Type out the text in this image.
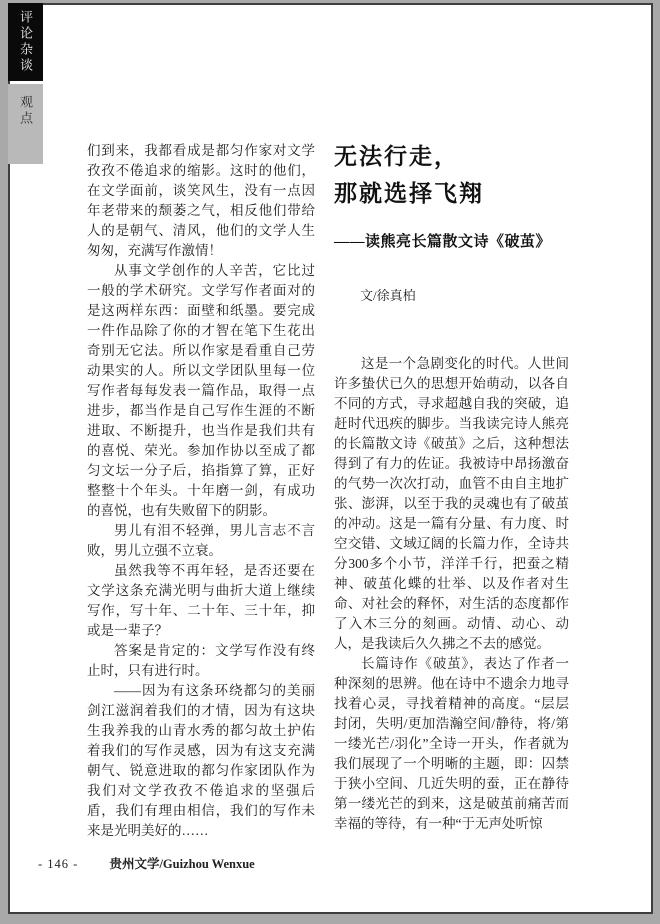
评论杂谈
观点

们到来，我都看成是都匀作家对文学孜孜不倦追求的缩影。这时的他们，在文学面前，谈笑风生，没有一点因年老带来的颓萎之气，相反他们带给人的是朝气、清风，他们的文学人生匆匆，充满写作激情！

从事文学创作的人辛苦，它比过一般的学术研究。文学写作者面对的是这两样东西：面壁和纸墨。要完成一件作品除了你的才智在笔下生花出奇别无它法。所以作家是看重自己劳动果实的人。所以文学团队里每一位写作者每每发表一篇作品，取得一点进步，都当作是自己写作生涯的不断进取、不断提升，也当作是我们共有的喜悦、荣光。参加作协以至成了都匀文坛一分子后，掐指算了算，正好整整十个年头。十年磨一剑，有成功的喜悦，也有失败留下的阴影。

男儿有泪不轻弹，男儿言志不言败，男儿立强不立衰。

虽然我等不再年轻，是否还要在文学这条充满光明与曲折大道上继续写作，写十年、二十年、三十年，抑或是一辈子？

答案是肯定的：文学写作没有终止时，只有进行时。

——因为有这条环绕都匀的美丽剑江滋润着我们的才情，因为有这块生我养我的山青水秀的都匀故土护佑着我们的写作灵感，因为有这支充满朝气、锐意进取的都匀作家团队作为我们对文学孜孜不倦追求的坚强后盾，我们有理由相信，我们的写作未来是光明美好的……

无法行走，
那就选择飞翔
——读熊亮长篇散文诗《破茧》
文/徐真柏

这是一个急剧变化的时代。人世间许多蛰伏已久的思想开始萌动，以各自不同的方式，寻求超越自我的突破，追赶时代迅疾的脚步。当我读完诗人熊亮的长篇散文诗《破茧》之后，这种想法得到了有力的佐证。我被诗中昂扬激奋的气势一次次打动，血管不由自主地扩张、澎湃，以至于我的灵魂也有了破茧的冲动。这是一篇有分量、有力度、时空交错、文域辽阔的长篇力作，全诗共分300多个小节，洋洋千行，把蚕之精神、破茧化蝶的壮举、以及作者对生命、对社会的释怀，对生活的态度都作了入木三分的刻画。动情、动心、动人，是我读后久久拂之不去的感觉。

长篇诗作《破茧》，表达了作者一种深刻的思辨。他在诗中不遗余力地寻找着心灵，寻找着精神的高度。“层层封闭，失明/更加浩瀚空间/静待，将/第一缕光芒/羽化”全诗一开头，作者就为我们展现了一个明晰的主题，即：囚禁于狭小空间、几近失明的蚕，正在静待第一缕光芒的到来，这是破茧前痛苦而幸福的等待，有一种“于无声处听惊

- 146 - 贵州文学/Guizhou Wenxue
